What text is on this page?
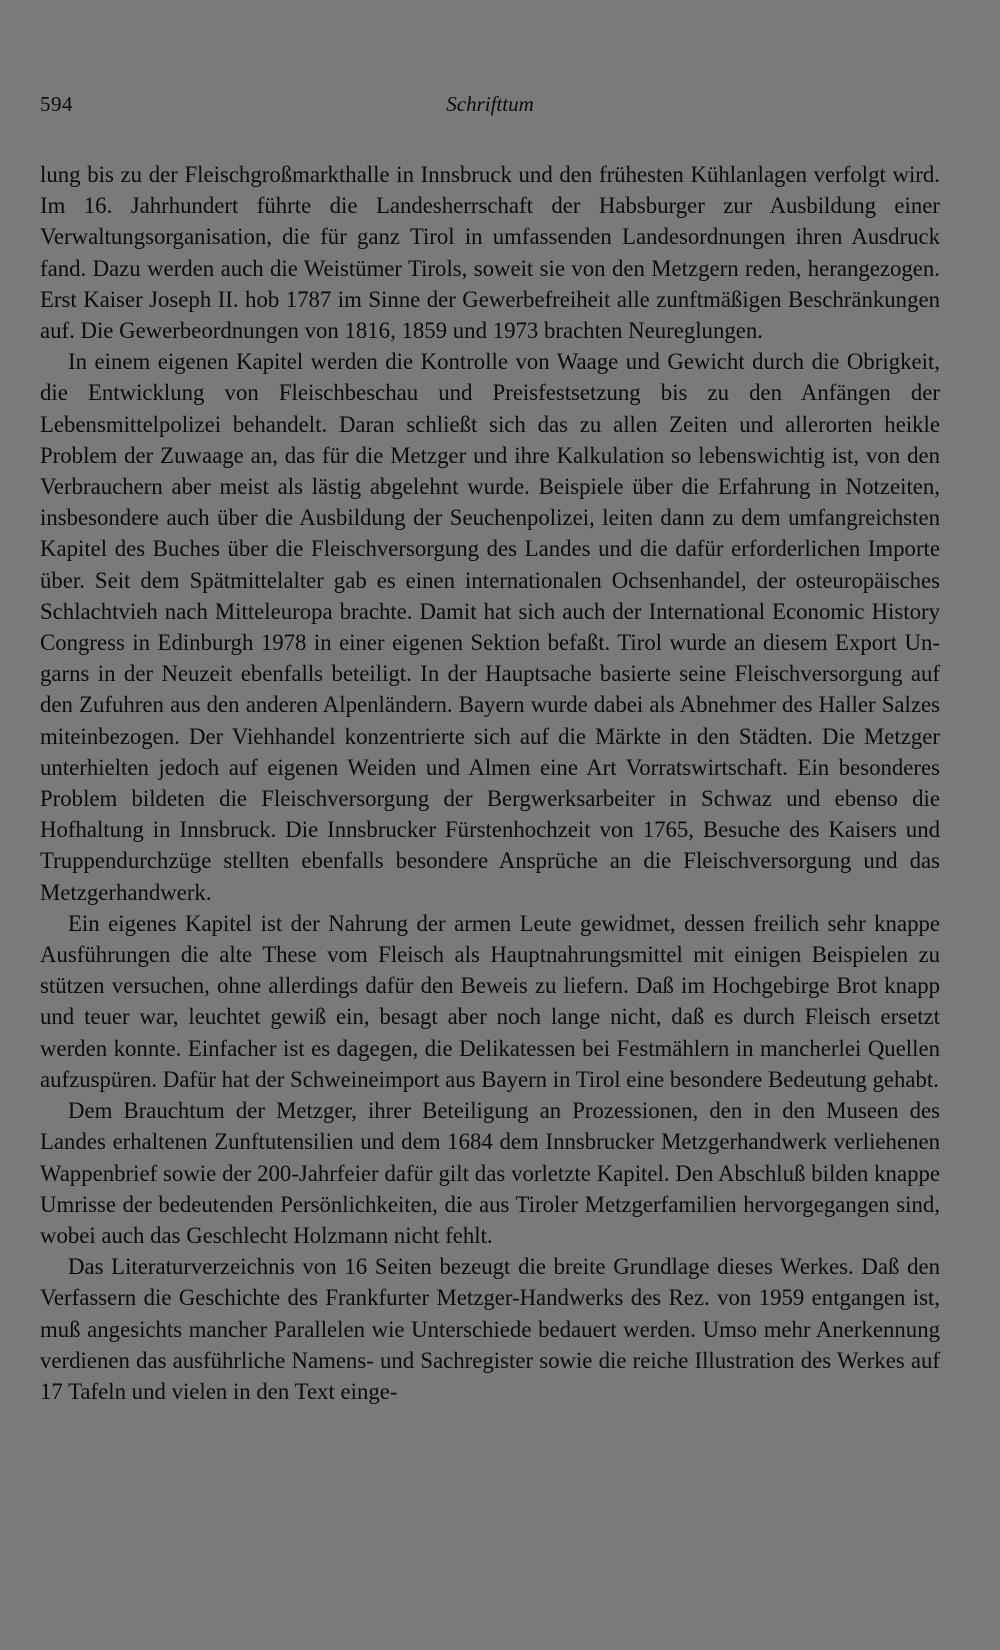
594	Schrifttum

lung bis zu der Fleischgroßmarkthalle in Innsbruck und den frühesten Kühlanlagen verfolgt wird. Im 16. Jahrhundert führte die Landesherrschaft der Habsburger zur Ausbildung einer Verwaltungsorganisation, die für ganz Tirol in umfassenden Landesordnungen ihren Ausdruck fand. Dazu werden auch die Weistümer Tirols, soweit sie von den Metzgern reden, herangezogen. Erst Kaiser Joseph II. hob 1787 im Sinne der Gewerbefreiheit alle zunftmäßigen Beschränkungen auf. Die Gewerbeordnungen von 1816, 1859 und 1973 brachten Neureglungen.

In einem eigenen Kapitel werden die Kontrolle von Waage und Gewicht durch die Obrigkeit, die Entwicklung von Fleischbeschau und Preisfestsetzung bis zu den Anfängen der Lebensmittelpolizei behandelt. Daran schließt sich das zu allen Zeiten und allerorten heikle Problem der Zuwaage an, das für die Metzger und ihre Kalkulation so lebenswichtig ist, von den Verbrauchern aber meist als lästig abgelehnt wurde. Beispiele über die Erfahrung in Notzeiten, insbesondere auch über die Ausbildung der Seuchenpolizei, leiten dann zu dem umfangreichsten Kapitel des Buches über die Fleischversorgung des Landes und die dafür erforderlichen Importe über. Seit dem Spätmittelalter gab es einen internationalen Ochsenhandel, der osteuropäisches Schlachtvieh nach Mitteleuropa brachte. Damit hat sich auch der International Economic History Congress in Edinburgh 1978 in einer eigenen Sektion befaßt. Tirol wurde an diesem Export Ungarns in der Neuzeit ebenfalls beteiligt. In der Hauptsache basierte seine Fleischversorgung auf den Zufuhren aus den anderen Alpenländern. Bayern wurde dabei als Abnehmer des Haller Salzes miteinbezogen. Der Viehhandel konzentrierte sich auf die Märkte in den Städten. Die Metzger unterhielten jedoch auf eigenen Weiden und Almen eine Art Vorratswirtschaft. Ein besonderes Problem bildeten die Fleischversorgung der Bergwerksarbeiter in Schwaz und ebenso die Hofhaltung in Innsbruck. Die Innsbrucker Fürstenhochzeit von 1765, Besuche des Kaisers und Truppendurchzüge stellten ebenfalls besondere Ansprüche an die Fleischversorgung und das Metzgerhandwerk.

Ein eigenes Kapitel ist der Nahrung der armen Leute gewidmet, dessen freilich sehr knappe Ausführungen die alte These vom Fleisch als Hauptnahrungsmittel mit einigen Beispielen zu stützen versuchen, ohne allerdings dafür den Beweis zu liefern. Daß im Hochgebirge Brot knapp und teuer war, leuchtet gewiß ein, besagt aber noch lange nicht, daß es durch Fleisch ersetzt werden konnte. Einfacher ist es dagegen, die Delikatessen bei Festmählern in mancherlei Quellen aufzuspüren. Dafür hat der Schweineimport aus Bayern in Tirol eine besondere Bedeutung gehabt.

Dem Brauchtum der Metzger, ihrer Beteiligung an Prozessionen, den in den Museen des Landes erhaltenen Zunftutensilien und dem 1684 dem Innsbrucker Metzgerhandwerk verliehenen Wappenbrief sowie der 200-Jahrfeier dafür gilt das vorletzte Kapitel. Den Abschluß bilden knappe Umrisse der bedeutenden Persönlichkeiten, die aus Tiroler Metzgerfamilien hervorgegangen sind, wobei auch das Geschlecht Holzmann nicht fehlt.

Das Literaturverzeichnis von 16 Seiten bezeugt die breite Grundlage dieses Werkes. Daß den Verfassern die Geschichte des Frankfurter Metzger-Handwerks des Rez. von 1959 entgangen ist, muß angesichts mancher Parallelen wie Unterschiede bedauert werden. Umso mehr Anerkennung verdienen das ausführliche Namens- und Sachregister sowie die reiche Illustration des Werkes auf 17 Tafeln und vielen in den Text einge-
